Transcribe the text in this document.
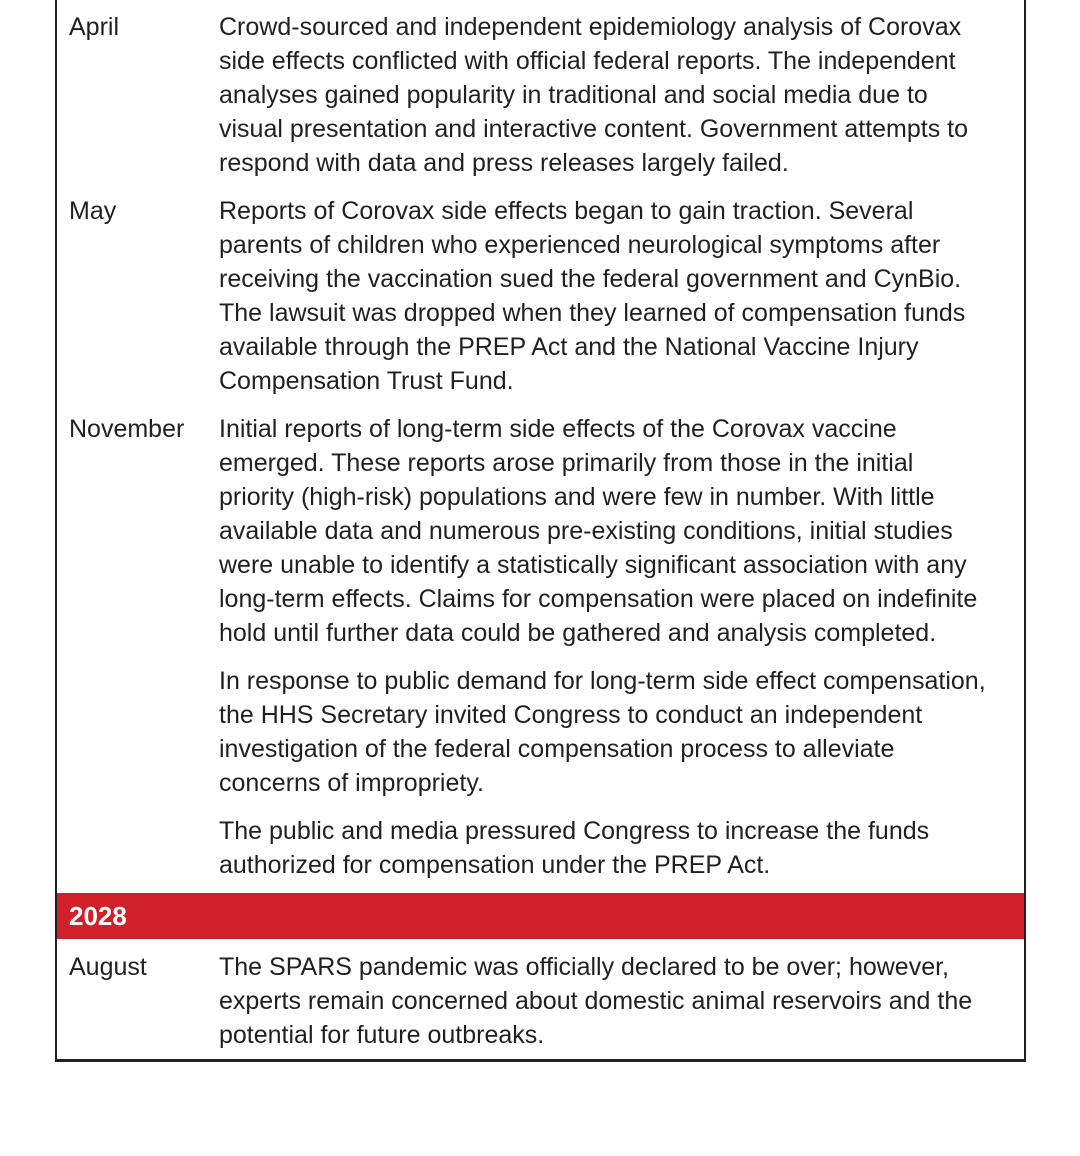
April	Crowd-sourced and independent epidemiology analysis of Corovax side effects conflicted with official federal reports. The independent analyses gained popularity in traditional and social media due to visual presentation and interactive content. Government attempts to respond with data and press releases largely failed.

May	Reports of Corovax side effects began to gain traction. Several parents of children who experienced neurological symptoms after receiving the vaccination sued the federal government and CynBio. The lawsuit was dropped when they learned of compensation funds available through the PREP Act and the National Vaccine Injury Compensation Trust Fund.

November	Initial reports of long-term side effects of the Corovax vaccine emerged. These reports arose primarily from those in the initial priority (high-risk) populations and were few in number. With little available data and numerous pre-existing conditions, initial studies were unable to identify a statistically significant association with any long-term effects. Claims for compensation were placed on indefinite hold until further data could be gathered and analysis completed.

In response to public demand for long-term side effect compensation, the HHS Secretary invited Congress to conduct an independent investigation of the federal compensation process to alleviate concerns of impropriety.

The public and media pressured Congress to increase the funds authorized for compensation under the PREP Act.

2028
August	The SPARS pandemic was officially declared to be over; however, experts remain concerned about domestic animal reservoirs and the potential for future outbreaks.
